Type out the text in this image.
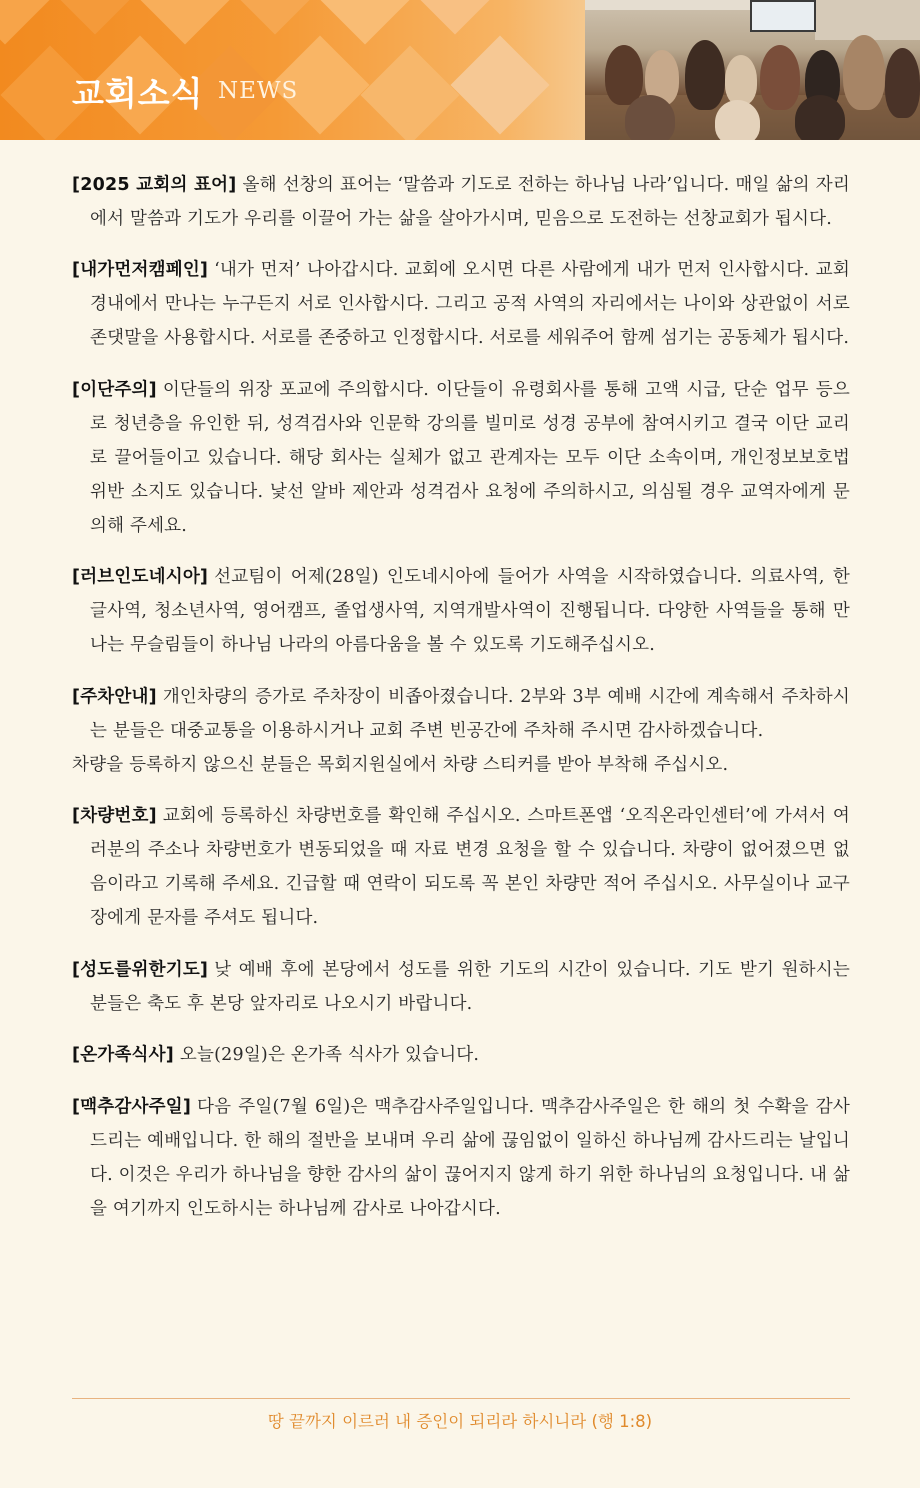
교회소식 NEWS

[2025 교회의 표어] 올해 선창의 표어는 ‘말씀과 기도로 전하는 하나님 나라’입니다. 매일 삶의 자리에서 말씀과 기도가 우리를 이끌어 가는 삶을 살아가시며, 믿음으로 도전하는 선창교회가 됩시다.

[내가먼저캠페인] ‘내가 먼저’ 나아갑시다. 교회에 오시면 다른 사람에게 내가 먼저 인사합시다. 교회 경내에서 만나는 누구든지 서로 인사합시다. 그리고 공적 사역의 자리에서는 나이와 상관없이 서로 존댓말을 사용합시다. 서로를 존중하고 인정합시다. 서로를 세워주어 함께 섬기는 공동체가 됩시다.

[이단주의] 이단들의 위장 포교에 주의합시다. 이단들이 유령회사를 통해 고액 시급, 단순 업무 등으로 청년층을 유인한 뒤, 성격검사와 인문학 강의를 빌미로 성경 공부에 참여시키고 결국 이단 교리로 끌어들이고 있습니다. 해당 회사는 실체가 없고 관계자는 모두 이단 소속이며, 개인정보보호법 위반 소지도 있습니다. 낯선 알바 제안과 성격검사 요청에 주의하시고, 의심될 경우 교역자에게 문의해 주세요.

[러브인도네시아] 선교팀이 어제(28일) 인도네시아에 들어가 사역을 시작하였습니다. 의료사역, 한글사역, 청소년사역, 영어캠프, 졸업생사역, 지역개발사역이 진행됩니다. 다양한 사역들을 통해 만나는 무슬림들이 하나님 나라의 아름다움을 볼 수 있도록 기도해주십시오.

[주차안내] 개인차량의 증가로 주차장이 비좁아졌습니다. 2부와 3부 예배 시간에 계속해서 주차하시는 분들은 대중교통을 이용하시거나 교회 주변 빈공간에 주차해 주시면 감사하겠습니다.
차량을 등록하지 않으신 분들은 목회지원실에서 차량 스티커를 받아 부착해 주십시오.

[차량번호] 교회에 등록하신 차량번호를 확인해 주십시오. 스마트폰앱 ‘오직온라인센터’에 가셔서 여러분의 주소나 차량번호가 변동되었을 때 자료 변경 요청을 할 수 있습니다. 차량이 없어졌으면 없음이라고 기록해 주세요. 긴급할 때 연락이 되도록 꼭 본인 차량만 적어 주십시오. 사무실이나 교구장에게 문자를 주셔도 됩니다.

[성도를위한기도] 낮 예배 후에 본당에서 성도를 위한 기도의 시간이 있습니다. 기도 받기 원하시는 분들은 축도 후 본당 앞자리로 나오시기 바랍니다.

[온가족식사] 오늘(29일)은 온가족 식사가 있습니다.

[맥추감사주일] 다음 주일(7월 6일)은 맥추감사주일입니다. 맥추감사주일은 한 해의 첫 수확을 감사드리는 예배입니다. 한 해의 절반을 보내며 우리 삶에 끊임없이 일하신 하나님께 감사드리는 날입니다. 이것은 우리가 하나님을 향한 감사의 삶이 끊어지지 않게 하기 위한 하나님의 요청입니다. 내 삶을 여기까지 인도하시는 하나님께 감사로 나아갑시다.

땅 끝까지 이르러 내 증인이 되리라 하시니라 (행 1:8)
